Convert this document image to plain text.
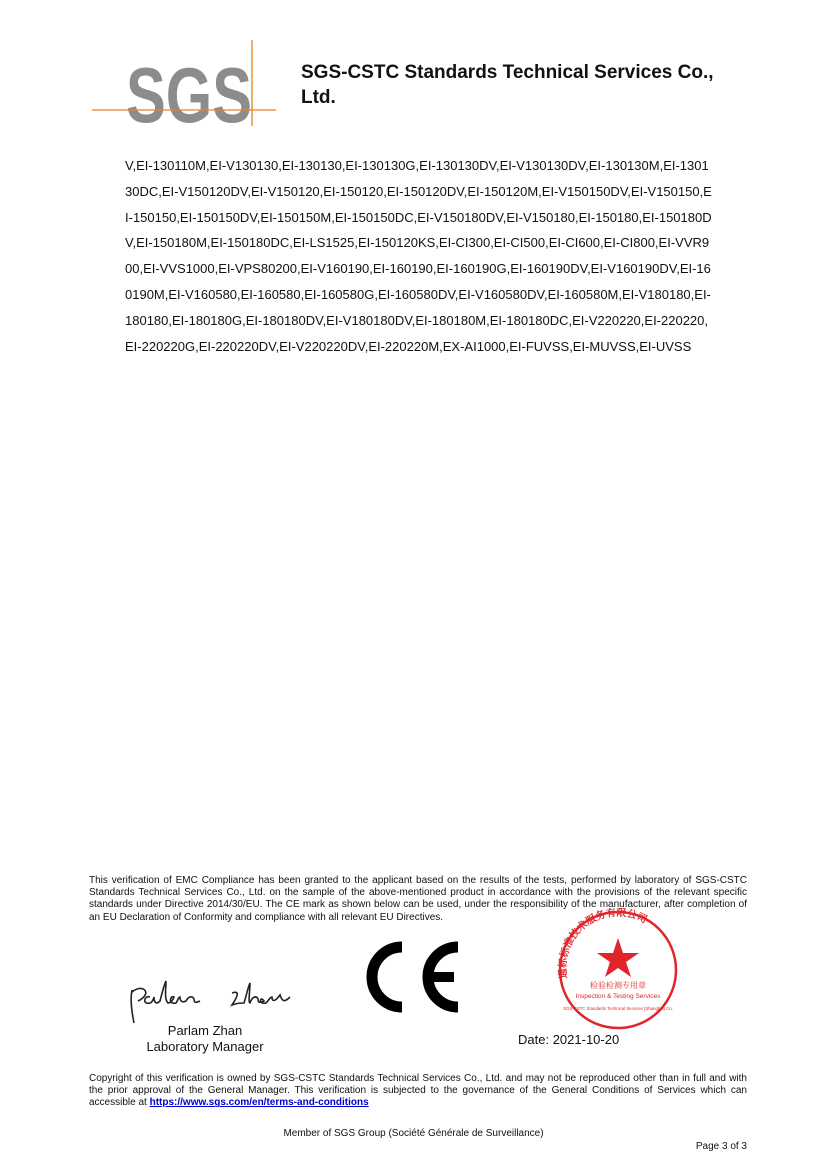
SGS	SGS-CSTC Standards Technical Services Co., Ltd.

V,EI-130110M,EI-V130130,EI-130130,EI-130130G,EI-130130DV,EI-V130130DV,EI-130130M,EI-130130DC,EI-V150120DV,EI-V150120,EI-150120,EI-150120DV,EI-150120M,EI-V150150DV,EI-V150150,EI-150150,EI-150150DV,EI-150150M,EI-150150DC,EI-V150180DV,EI-V150180,EI-150180,EI-150180DV,EI-150180M,EI-150180DC,EI-LS1525,EI-150120KS,EI-CI300,EI-CI500,EI-CI600,EI-CI800,EI-VVR900,EI-VVS1000,EI-VPS80200,EI-V160190,EI-160190,EI-160190G,EI-160190DV,EI-V160190DV,EI-160190M,EI-V160580,EI-160580,EI-160580G,EI-160580DV,EI-V160580DV,EI-160580M,EI-V180180,EI-180180,EI-180180G,EI-180180DV,EI-V180180DV,EI-180180M,EI-180180DC,EI-V220220,EI-220220,EI-220220G,EI-220220DV,EI-V220220DV,EI-220220M,EX-AI1000,EI-FUVSS,EI-MUVSS,EI-UVSS

This verification of EMC Compliance has been granted to the applicant based on the results of the tests, performed by laboratory of SGS-CSTC Standards Technical Services Co., Ltd. on the sample of the above-mentioned product in accordance with the provisions of the relevant specific standards under Directive 2014/30/EU. The CE mark as shown below can be used, under the responsibility of the manufacturer, after completion of an EU Declaration of Conformity and compliance with all relevant EU Directives.

Parlam Zhan
Laboratory Manager
通标标准技术服务有限公司
检验检测专用章
Inspection & Testing Services
SGS-CSTC Standards Technical Services (Shanghai) Co.
Date: 2021-10-20

Copyright of this verification is owned by SGS-CSTC Standards Technical Services Co., Ltd. and may not be reproduced other than in full and with the prior approval of the General Manager. This verification is subjected to the governance of the General Conditions of Services which can accessible at https://www.sgs.com/en/terms-and-conditions

Member of SGS Group (Société Générale de Surveillance)
Page 3 of 3
